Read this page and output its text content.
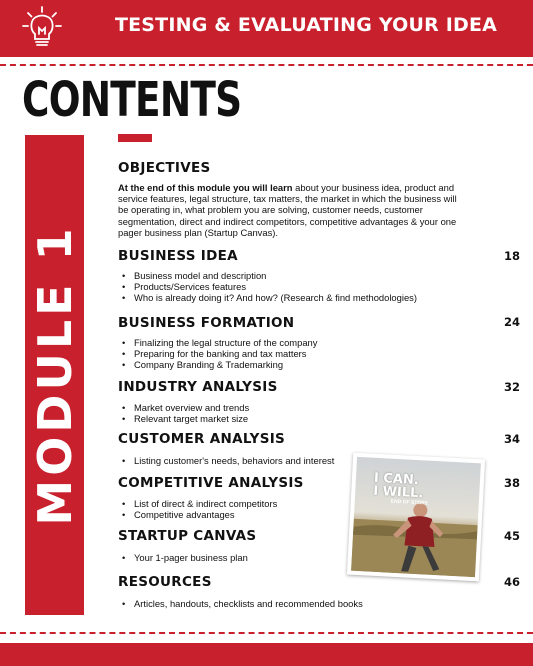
TESTING & EVALUATING YOUR IDEA
CONTENTS
MODULE 1
OBJECTIVES
At the end of this module you will learn about your business idea, product and service features, legal structure, tax matters, the market in which the business will be operating in, what problem you are solving, customer needs, customer segmentation, direct and indirect competitors, competitive advantages & your one pager business plan (Startup Canvas).
BUSINESS IDEA	18
• Business model and description
• Products/Services features
• Who is already doing it? And how? (Research & find methodologies)
BUSINESS FORMATION	24
• Finalizing the legal structure of the company
• Preparing for the banking and tax matters
• Company Branding & Trademarking
INDUSTRY ANALYSIS	32
• Market overview and trends
• Relevant target market size
CUSTOMER ANALYSIS	34
• Listing customer's needs, behaviors and interest
COMPETITIVE ANALYSIS	38
• List of direct & indirect competitors
• Competitive advantages
STARTUP CANVAS	45
• Your 1-pager business plan
RESOURCES	46
• Articles, handouts, checklists and recommended books
I CAN.
I WILL.
END OF STORY.
